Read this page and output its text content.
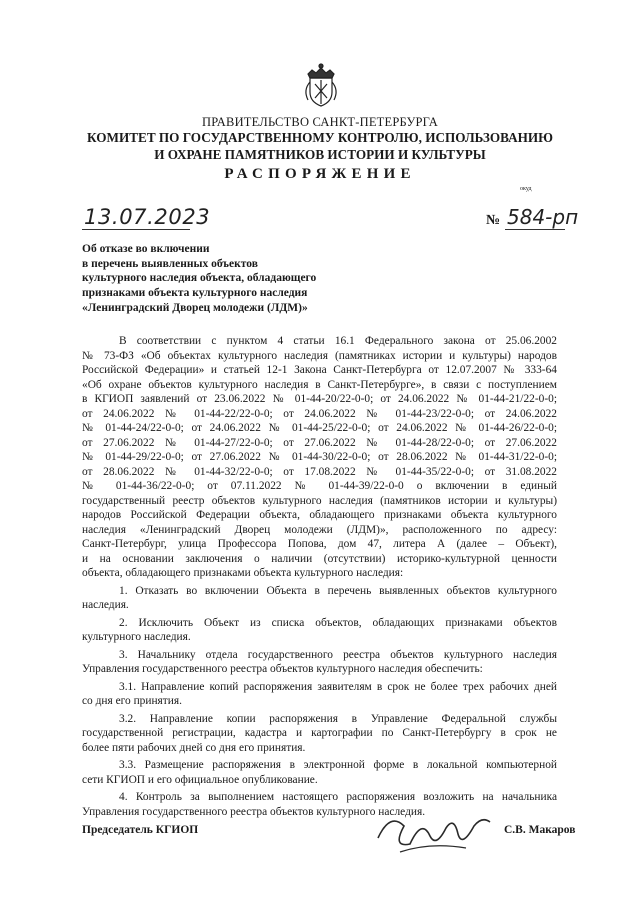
ПРАВИТЕЛЬСТВО САНКТ-ПЕТЕРБУРГА
КОМИТЕТ ПО ГОСУДАРСТВЕННОМУ КОНТРОЛЮ, ИСПОЛЬЗОВАНИЮ
И ОХРАНЕ ПАМЯТНИКОВ ИСТОРИИ И КУЛЬТУРЫ
РАСПОРЯЖЕНИЕ
окуд
13.07.2023	№ 584-рп
Об отказе во включении
в перечень выявленных объектов
культурного наследия объекта, обладающего
признаками объекта культурного наследия
«Ленинградский Дворец молодежи (ЛДМ)»
В соответствии с пунктом 4 статьи 16.1 Федерального закона от 25.06.2002
№ 73-ФЗ «Об объектах культурного наследия (памятниках истории и культуры) народов
Российской Федерации» и статьей 12-1 Закона Санкт-Петербурга от 12.07.2007 № 333-64
«Об охране объектов культурного наследия в Санкт-Петербурге», в связи с поступлением
в КГИОП заявлений от 23.06.2022 № 01-44-20/22-0-0; от 24.06.2022 № 01-44-21/22-0-0;
от 24.06.2022 № 01-44-22/22-0-0; от 24.06.2022 № 01-44-23/22-0-0; от 24.06.2022
№ 01-44-24/22-0-0; от 24.06.2022 № 01-44-25/22-0-0; от 24.06.2022 № 01-44-26/22-0-0;
от 27.06.2022 № 01-44-27/22-0-0; от 27.06.2022 № 01-44-28/22-0-0; от 27.06.2022
№ 01-44-29/22-0-0; от 27.06.2022 № 01-44-30/22-0-0; от 28.06.2022 № 01-44-31/22-0-0;
от 28.06.2022 № 01-44-32/22-0-0; от 17.08.2022 № 01-44-35/22-0-0; от 31.08.2022
№ 01-44-36/22-0-0; от 07.11.2022 № 01-44-39/22-0-0 о включении в единый
государственный реестр объектов культурного наследия (памятников истории и культуры)
народов Российской Федерации объекта, обладающего признаками объекта культурного
наследия «Ленинградский Дворец молодежи (ЛДМ)», расположенного по адресу:
Санкт-Петербург, улица Профессора Попова, дом 47, литера А (далее – Объект),
и на основании заключения о наличии (отсутствии) историко-культурной ценности
объекта, обладающего признаками объекта культурного наследия:
1. Отказать во включении Объекта в перечень выявленных объектов культурного
наследия.
2. Исключить Объект из списка объектов, обладающих признаками объектов
культурного наследия.
3. Начальнику отдела государственного реестра объектов культурного наследия
Управления государственного реестра объектов культурного наследия обеспечить:
3.1. Направление копий распоряжения заявителям в срок не более трех рабочих дней
со дня его принятия.
3.2. Направление копии распоряжения в Управление Федеральной службы
государственной регистрации, кадастра и картографии по Санкт-Петербургу в срок не
более пяти рабочих дней со дня его принятия.
3.3. Размещение распоряжения в электронной форме в локальной компьютерной
сети КГИОП и его официальное опубликование.
4. Контроль за выполнением настоящего распоряжения возложить на начальника
Управления государственного реестра объектов культурного наследия.
Председатель КГИОП	С.В. Макаров
